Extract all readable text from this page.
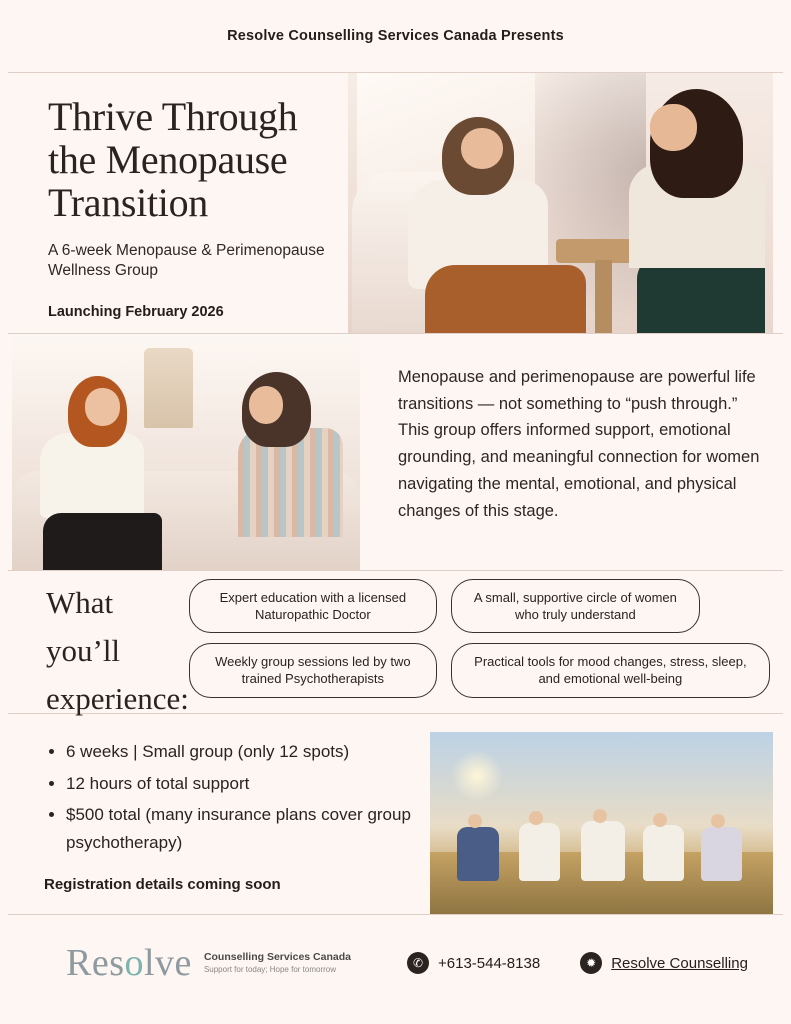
Resolve Counselling Services Canada Presents
Thrive Through the Menopause Transition
A 6-week Menopause & Perimenopause Wellness Group
Launching February 2026
Menopause and perimenopause are powerful life transitions — not something to “push through.” This group offers informed support, emotional grounding, and meaningful connection for women navigating the mental, emotional, and physical changes of this stage.
What you’ll
experience:
Expert education with a licensed Naturopathic Doctor
A small, supportive circle of women who truly understand
Weekly group sessions led by two trained Psychotherapists
Practical tools for mood changes, stress, sleep, and emotional well-being
• 6 weeks | Small group (only 12 spots)
• 12 hours of total support
• $500 total (many insurance plans cover group psychotherapy)
Registration details coming soon
Resolve Counselling Services Canada
Support for today; Hope for tomorrow	✆ +613-544-8138	✹ Resolve Counselling
